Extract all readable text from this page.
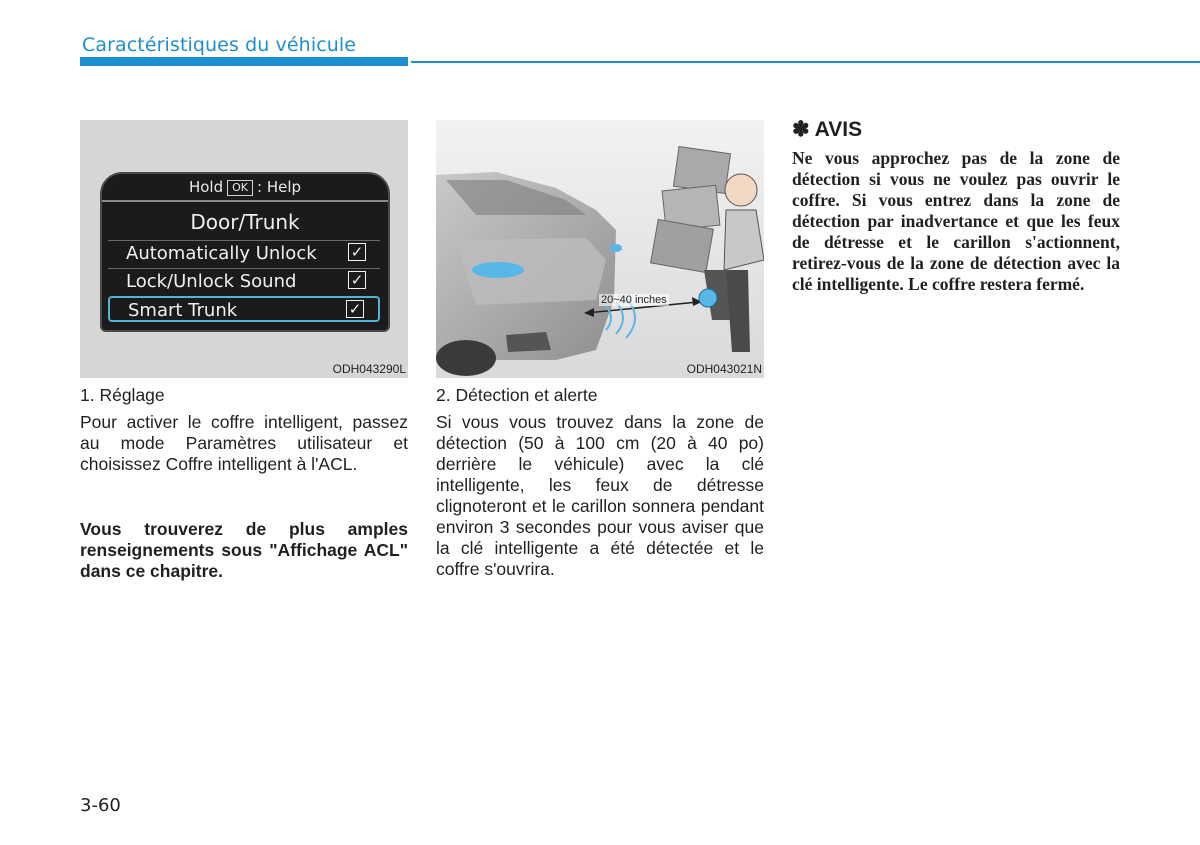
Caractéristiques du véhicule
Hold OK : Help
Door/Trunk
Automatically Unlock ✓
Lock/Unlock Sound	✓
Smart Trunk	✓
ODH043290L
20~40 inches
ODH043021N
1. Réglage
Pour activer le coffre intelligent, passez au mode Paramètres utilisateur et choisissez Coffre intelligent à l'ACL.
Vous trouverez de plus amples renseignements sous "Affichage ACL" dans ce chapitre.
2. Détection et alerte
Si vous vous trouvez dans la zone de détection (50 à 100 cm (20 à 40 po) derrière le véhicule) avec la clé intelligente, les feux de détresse clignoteront et le carillon sonnera pendant environ 3 secondes pour vous aviser que la clé intelligente a été détectée et le coffre s'ouvrira.
✽ AVIS
Ne vous approchez pas de la zone de détection si vous ne voulez pas ouvrir le coffre. Si vous entrez dans la zone de détection par inadvertance et que les feux de détresse et le carillon s'actionnent, retirez-vous de la zone de détection avec la clé intelligente. Le coffre restera fermé.
3-60
